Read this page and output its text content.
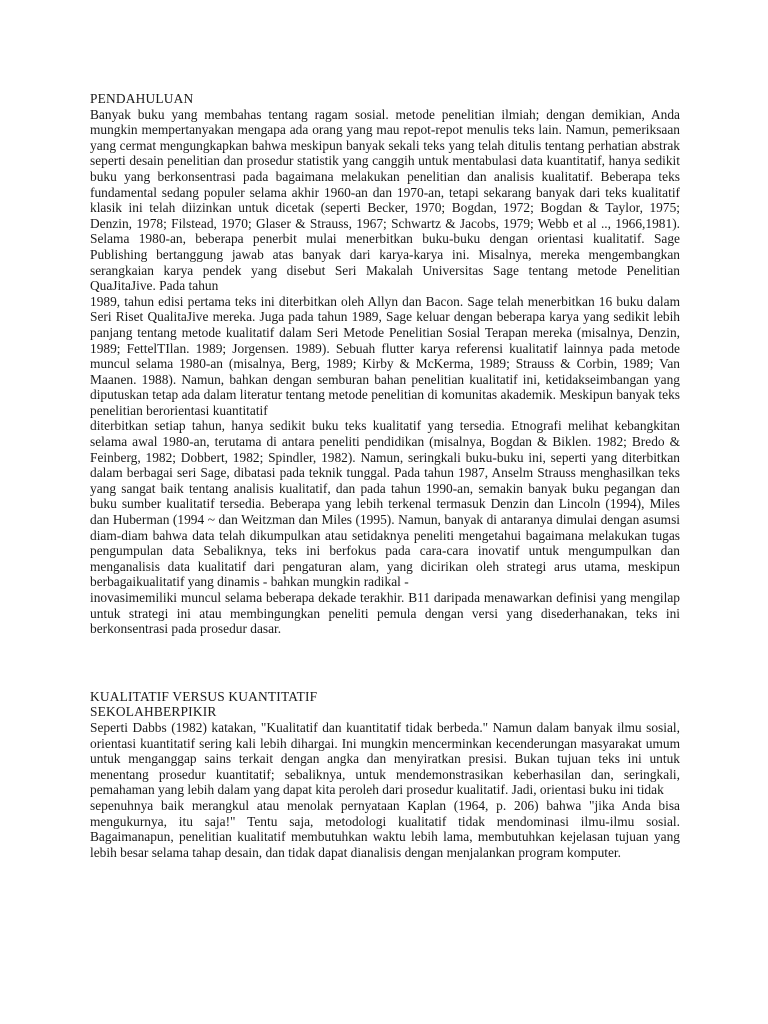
PENDAHULUAN

Banyak buku yang membahas tentang ragam sosial. metode penelitian ilmiah; dengan demikian, Anda mungkin mempertanyakan mengapa ada orang yang mau repot-repot menulis teks lain. Namun, pemeriksaan yang cermat mengungkapkan bahwa meskipun banyak sekali teks yang telah ditulis tentang perhatian abstrak seperti desain penelitian dan prosedur statistik yang canggih untuk mentabulasi data kuantitatif, hanya sedikit buku yang berkonsentrasi pada bagaimana melakukan penelitian dan analisis kualitatif. Beberapa teks fundamental sedang populer selama akhir 1960-an dan 1970-an, tetapi sekarang banyak dari teks kualitatif klasik ini telah diizinkan untuk dicetak (seperti Becker, 1970; Bogdan, 1972; Bogdan & Taylor, 1975; Denzin, 1978; Filstead, 1970; Glaser & Strauss, 1967; Schwartz & Jacobs, 1979; Webb et al .., 1966,1981). Selama 1980-an, beberapa penerbit mulai menerbitkan buku-buku dengan orientasi kualitatif. Sage Publishing bertanggung jawab atas banyak dari karya-karya ini. Misalnya, mereka mengembangkan serangkaian karya pendek yang disebut Seri Makalah Universitas Sage tentang metode Penelitian QuaJitaJive. Pada tahun

1989, tahun edisi pertama teks ini diterbitkan oleh Allyn dan Bacon. Sage telah menerbitkan 16 buku dalam Seri Riset QualitaJive mereka. Juga pada tahun 1989, Sage keluar dengan beberapa karya yang sedikit lebih panjang tentang metode kualitatif dalam Seri Metode Penelitian Sosial Terapan mereka (misalnya, Denzin, 1989; FettelTIlan. 1989; Jorgensen. 1989). Sebuah flutter karya referensi kualitatif lainnya pada metode muncul selama 1980-an (misalnya, Berg, 1989; Kirby & McKerma, 1989; Strauss & Corbin, 1989; Van Maanen. 1988). Namun, bahkan dengan semburan bahan penelitian kualitatif ini, ketidakseimbangan yang diputuskan tetap ada dalam literatur tentang metode penelitian di komunitas akademik. Meskipun banyak teks penelitian berorientasi kuantitatif

diterbitkan setiap tahun, hanya sedikit buku teks kualitatif yang tersedia. Etnografi melihat kebangkitan selama awal 1980-an, terutama di antara peneliti pendidikan (misalnya, Bogdan & Biklen. 1982; Bredo & Feinberg, 1982; Dobbert, 1982; Spindler, 1982). Namun, seringkali buku-buku ini, seperti yang diterbitkan dalam berbagai seri Sage, dibatasi pada teknik tunggal. Pada tahun 1987, Anselm Strauss menghasilkan teks yang sangat baik tentang analisis kualitatif, dan pada tahun 1990-an, semakin banyak buku pegangan dan buku sumber kualitatif tersedia. Beberapa yang lebih terkenal termasuk Denzin dan Lincoln (1994), Miles dan Huberman (1994 ~ dan Weitzman dan Miles (1995). Namun, banyak di antaranya dimulai dengan asumsi diam-diam bahwa data telah dikumpulkan atau setidaknya peneliti mengetahui bagaimana melakukan tugas pengumpulan data Sebaliknya, teks ini berfokus pada cara-cara inovatif untuk mengumpulkan dan menganalisis data kualitatif dari pengaturan alam, yang dicirikan oleh strategi arus utama, meskipun berbagaikualitatif yang dinamis - bahkan mungkin radikal -

inovasimemiliki muncul selama beberapa dekade terakhir. B11 daripada menawarkan definisi yang mengilap untuk strategi ini atau membingungkan peneliti pemula dengan versi yang disederhanakan, teks ini berkonsentrasi pada prosedur dasar.

KUALITATIF VERSUS KUANTITATIF

SEKOLAHBERPIKIR

Seperti Dabbs (1982) katakan, "Kualitatif dan kuantitatif tidak berbeda." Namun dalam banyak ilmu sosial, orientasi kuantitatif sering kali lebih dihargai. Ini mungkin mencerminkan kecenderungan masyarakat umum untuk menganggap sains terkait dengan angka dan menyiratkan presisi. Bukan tujuan teks ini untuk menentang prosedur kuantitatif; sebaliknya, untuk mendemonstrasikan keberhasilan dan, seringkali, pemahaman yang lebih dalam yang dapat kita peroleh dari prosedur kualitatif. Jadi, orientasi buku ini tidak

sepenuhnya baik merangkul atau menolak pernyataan Kaplan (1964, p. 206) bahwa "jika Anda bisa mengukurnya, itu saja!" Tentu saja, metodologi kualitatif tidak mendominasi ilmu-ilmu sosial. Bagaimanapun, penelitian kualitatif membutuhkan waktu lebih lama, membutuhkan kejelasan tujuan yang lebih besar selama tahap desain, dan tidak dapat dianalisis dengan menjalankan program komputer.
